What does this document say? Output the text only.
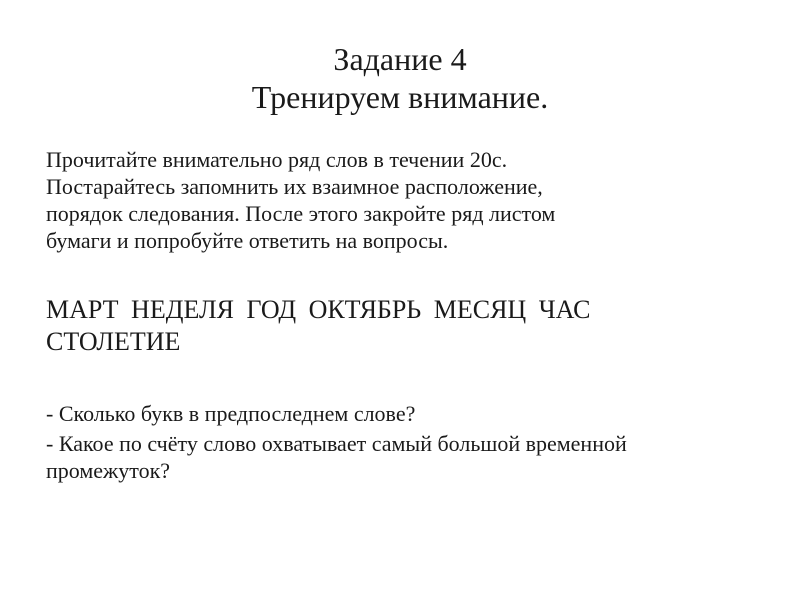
Задание 4
Тренируем внимание.

Прочитайте внимательно ряд слов в течении 20с.
Постарайтесь запомнить их взаимное расположение,
порядок следования. После этого закройте ряд листом
бумаги и попробуйте ответить на вопросы.

МАРТ НЕДЕЛЯ ГОД ОКТЯБРЬ МЕСЯЦ ЧАС
СТОЛЕТИЕ
- Сколько букв в предпоследнем слове?
- Какое по счёту слово охватывает самый большой временной
промежуток?
